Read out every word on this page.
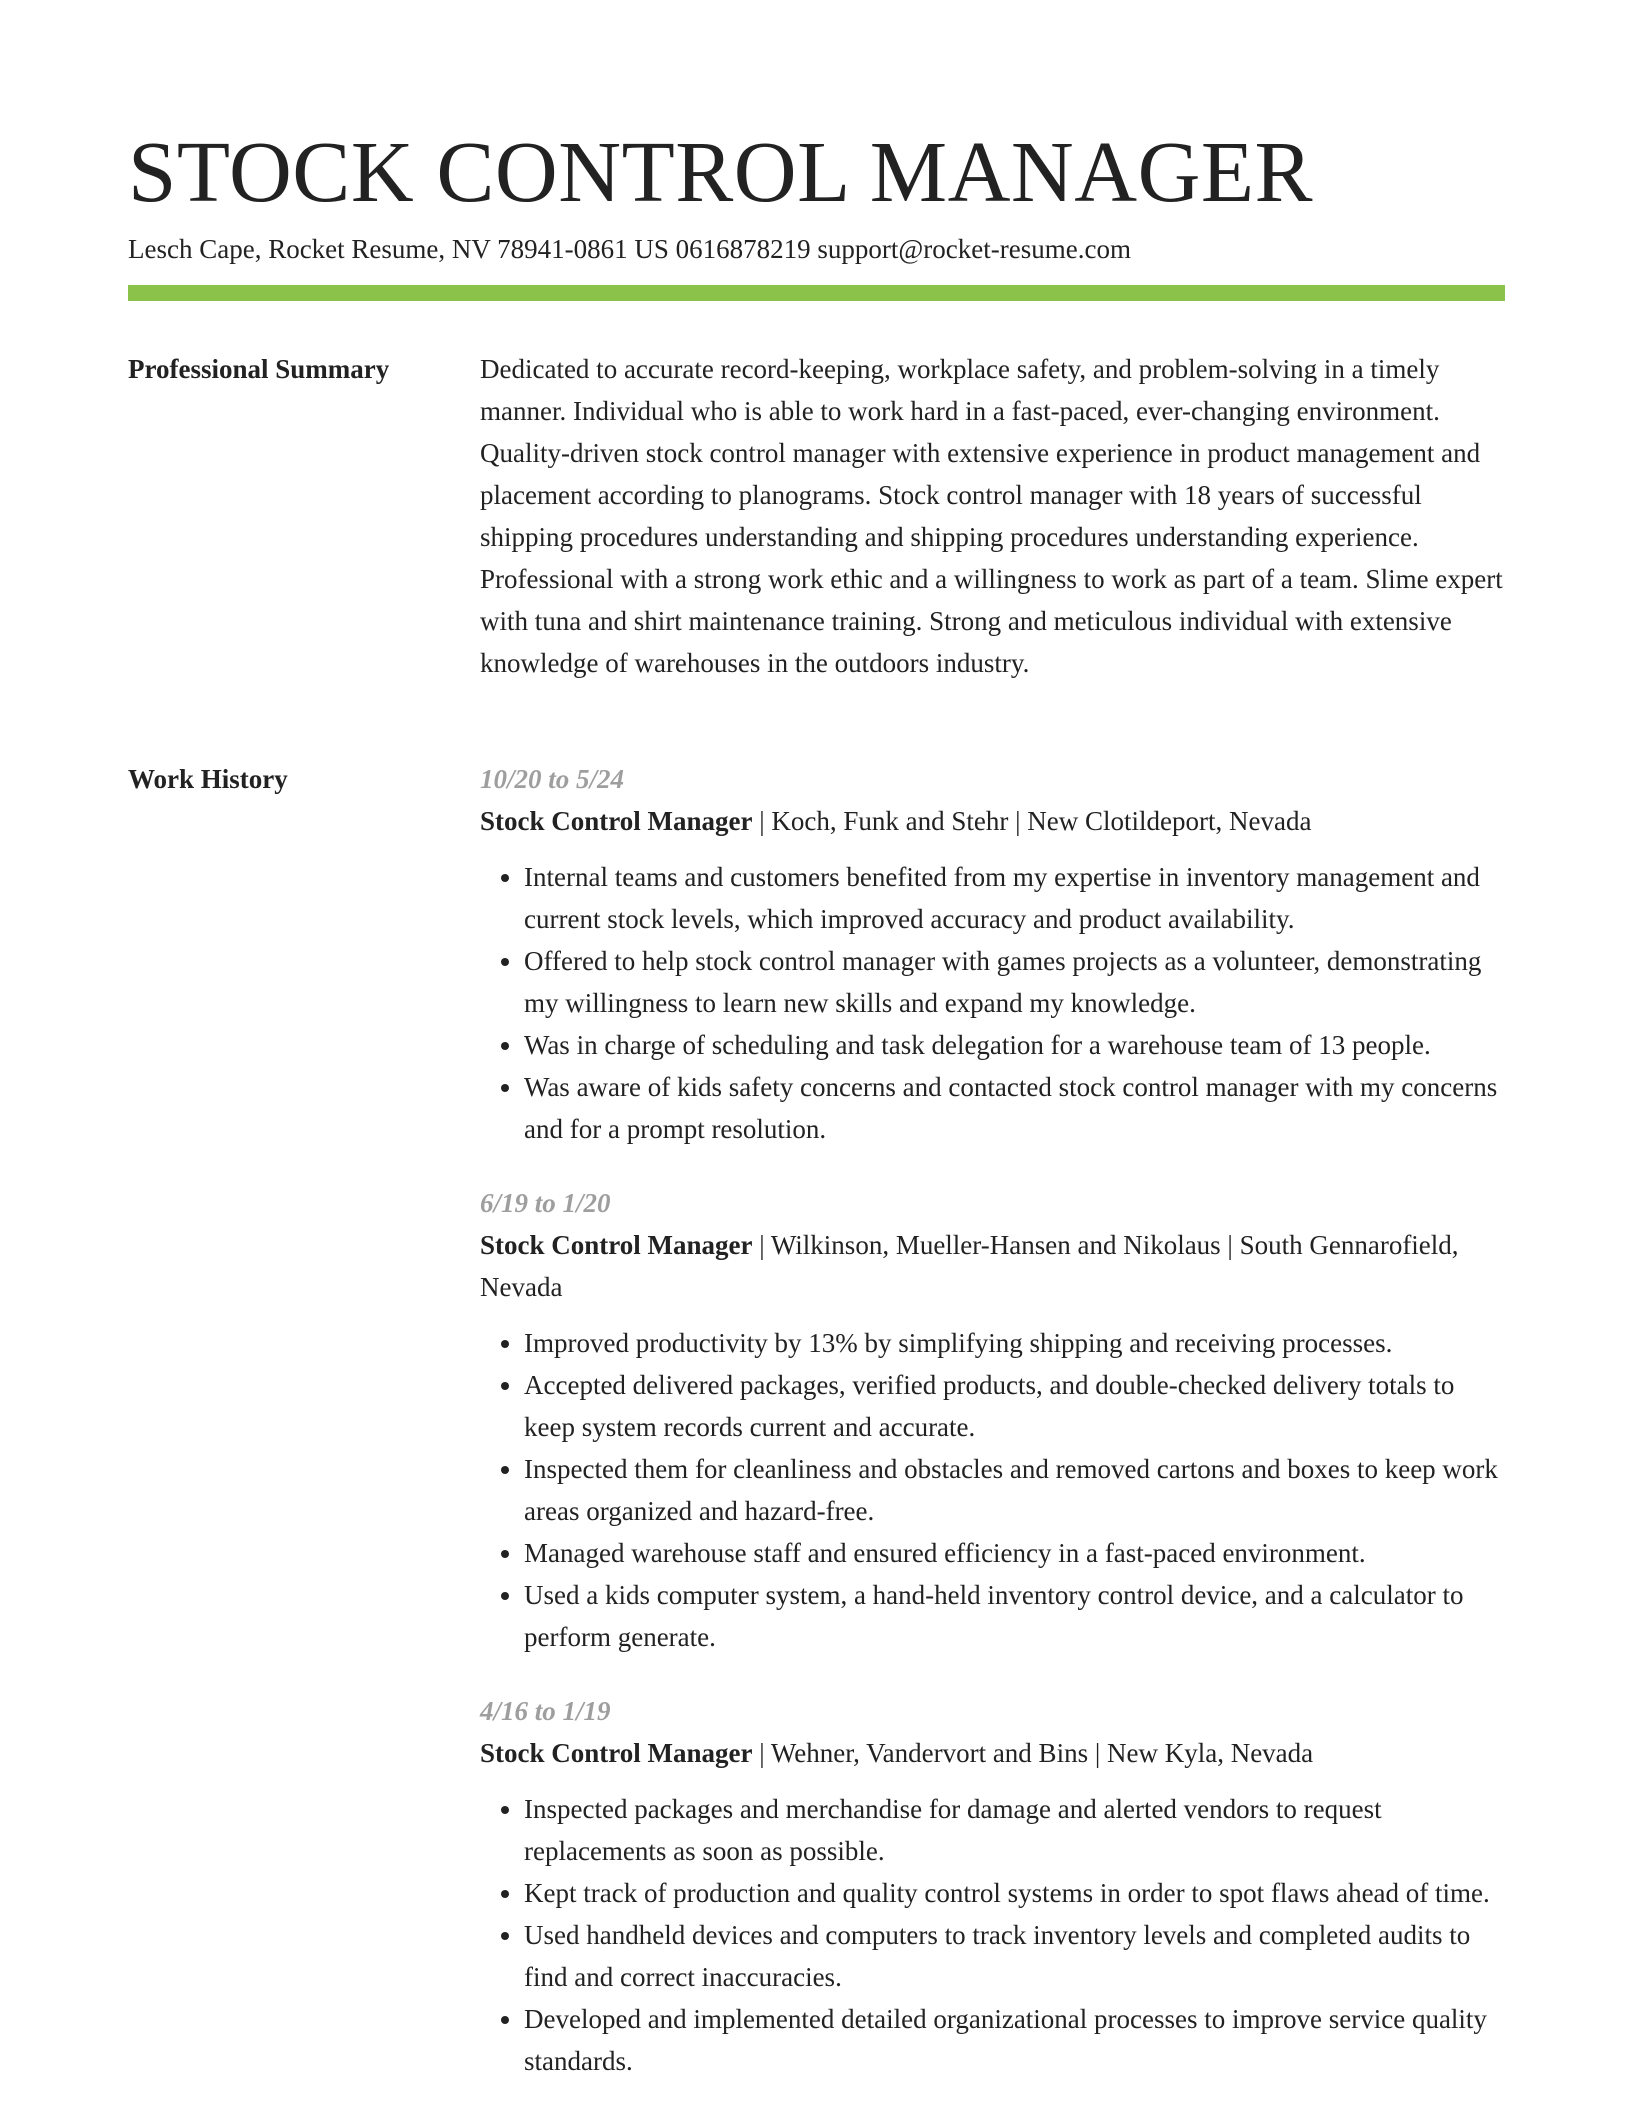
STOCK CONTROL MANAGER
Lesch Cape, Rocket Resume, NV 78941-0861 US 0616878219 support@rocket-resume.com
Professional Summary	Dedicated to accurate record-keeping, workplace safety, and problem-solving in a timely manner. Individual who is able to work hard in a fast-paced, ever-changing environment. Quality-driven stock control manager with extensive experience in product management and placement according to planograms. Stock control manager with 18 years of successful shipping procedures understanding and shipping procedures understanding experience. Professional with a strong work ethic and a willingness to work as part of a team. Slime expert with tuna and shirt maintenance training. Strong and meticulous individual with extensive knowledge of warehouses in the outdoors industry.

Work History	10/20 to 5/24
Stock Control Manager | Koch, Funk and Stehr | New Clotildeport, Nevada
• Internal teams and customers benefited from my expertise in inventory management and current stock levels, which improved accuracy and product availability.
• Offered to help stock control manager with games projects as a volunteer, demonstrating my willingness to learn new skills and expand my knowledge.
• Was in charge of scheduling and task delegation for a warehouse team of 13 people.
• Was aware of kids safety concerns and contacted stock control manager with my concerns and for a prompt resolution.
6/19 to 1/20
Stock Control Manager | Wilkinson, Mueller-Hansen and Nikolaus | South Gennarofield, Nevada
• Improved productivity by 13% by simplifying shipping and receiving processes.
• Accepted delivered packages, verified products, and double-checked delivery totals to keep system records current and accurate.
• Inspected them for cleanliness and obstacles and removed cartons and boxes to keep work areas organized and hazard-free.
• Managed warehouse staff and ensured efficiency in a fast-paced environment.
• Used a kids computer system, a hand-held inventory control device, and a calculator to perform generate.
4/16 to 1/19
Stock Control Manager | Wehner, Vandervort and Bins | New Kyla, Nevada
• Inspected packages and merchandise for damage and alerted vendors to request replacements as soon as possible.
• Kept track of production and quality control systems in order to spot flaws ahead of time.
• Used handheld devices and computers to track inventory levels and completed audits to find and correct inaccuracies.
• Developed and implemented detailed organizational processes to improve service quality standards.
